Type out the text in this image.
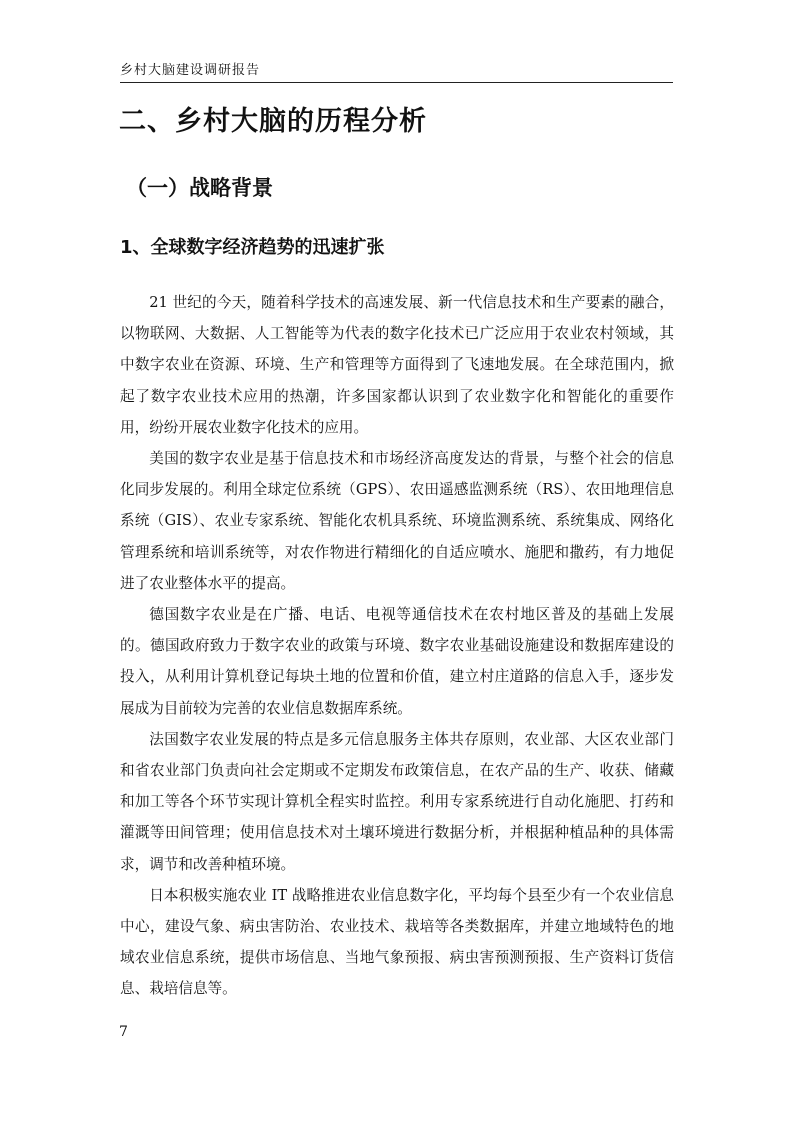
乡村大脑建设调研报告
二、乡村大脑的历程分析
（一）战略背景
1、全球数字经济趋势的迅速扩张

21 世纪的今天，随着科学技术的高速发展、新一代信息技术和生产要素的融合，以物联网、大数据、人工智能等为代表的数字化技术已广泛应用于农业农村领域，其中数字农业在资源、环境、生产和管理等方面得到了飞速地发展。在全球范围内，掀起了数字农业技术应用的热潮，许多国家都认识到了农业数字化和智能化的重要作用，纷纷开展农业数字化技术的应用。

美国的数字农业是基于信息技术和市场经济高度发达的背景，与整个社会的信息化同步发展的。利用全球定位系统（GPS）、农田遥感监测系统（RS）、农田地理信息系统（GIS）、农业专家系统、智能化农机具系统、环境监测系统、系统集成、网络化管理系统和培训系统等，对农作物进行精细化的自适应喷水、施肥和撒药，有力地促进了农业整体水平的提高。

德国数字农业是在广播、电话、电视等通信技术在农村地区普及的基础上发展的。德国政府致力于数字农业的政策与环境、数字农业基础设施建设和数据库建设的投入，从利用计算机登记每块土地的位置和价值，建立村庄道路的信息入手，逐步发展成为目前较为完善的农业信息数据库系统。

法国数字农业发展的特点是多元信息服务主体共存原则，农业部、大区农业部门和省农业部门负责向社会定期或不定期发布政策信息，在农产品的生产、收获、储藏和加工等各个环节实现计算机全程实时监控。利用专家系统进行自动化施肥、打药和灌溉等田间管理；使用信息技术对土壤环境进行数据分析，并根据种植品种的具体需求，调节和改善种植环境。

日本积极实施农业 IT 战略推进农业信息数字化，平均每个县至少有一个农业信息中心，建设气象、病虫害防治、农业技术、栽培等各类数据库，并建立地域特色的地域农业信息系统，提供市场信息、当地气象预报、病虫害预测预报、生产资料订货信息、栽培信息等。

7
